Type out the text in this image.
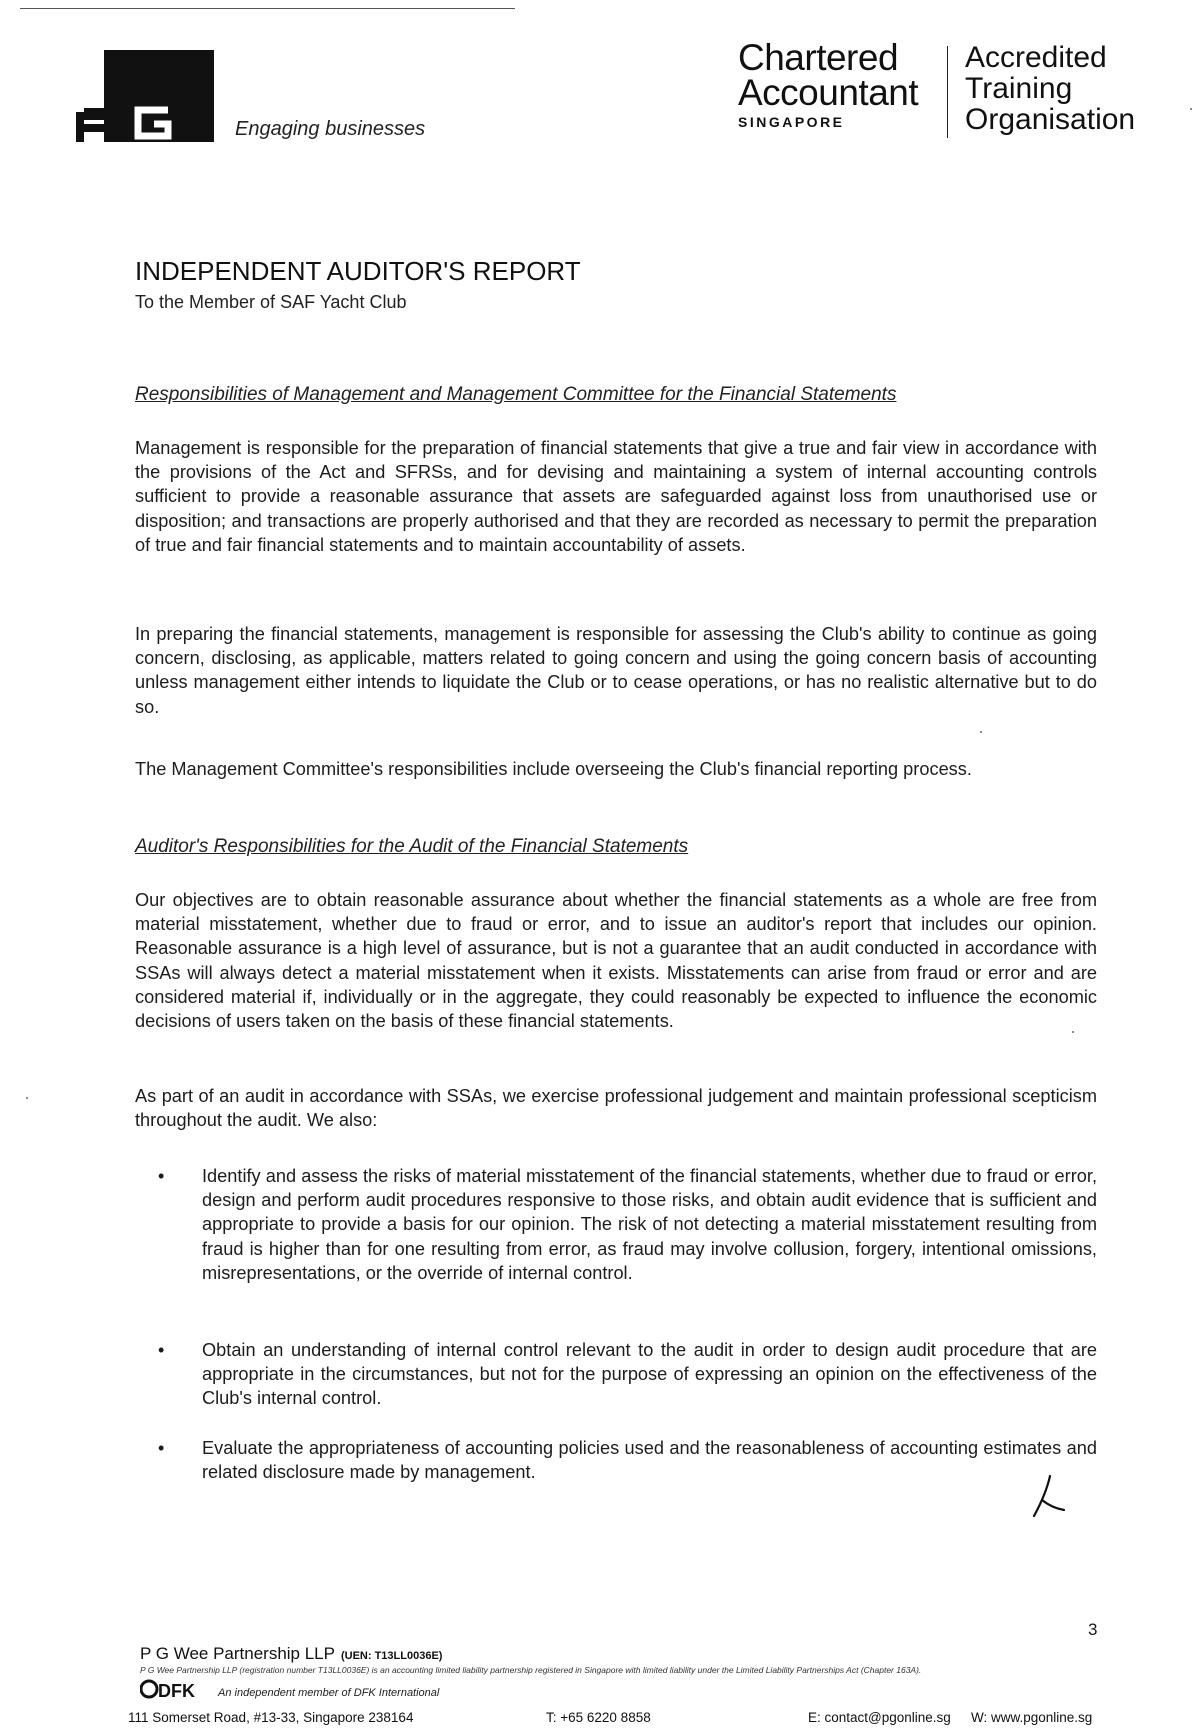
PG
Engaging businesses
Chartered
Accountant
SINGAPORE
Accredited
Training
Organisation
INDEPENDENT AUDITOR'S REPORT
To the Member of SAF Yacht Club
Responsibilities of Management and Management Committee for the Financial Statements
Management is responsible for the preparation of financial statements that give a true and fair view in accordance with the provisions of the Act and SFRSs, and for devising and maintaining a system of internal accounting controls sufficient to provide a reasonable assurance that assets are safeguarded against loss from unauthorised use or disposition; and transactions are properly authorised and that they are recorded as necessary to permit the preparation of true and fair financial statements and to maintain accountability of assets.
In preparing the financial statements, management is responsible for assessing the Club's ability to continue as going concern, disclosing, as applicable, matters related to going concern and using the going concern basis of accounting unless management either intends to liquidate the Club or to cease operations, or has no realistic alternative but to do so.
The Management Committee's responsibilities include overseeing the Club's financial reporting process.
Auditor's Responsibilities for the Audit of the Financial Statements
Our objectives are to obtain reasonable assurance about whether the financial statements as a whole are free from material misstatement, whether due to fraud or error, and to issue an auditor's report that includes our opinion. Reasonable assurance is a high level of assurance, but is not a guarantee that an audit conducted in accordance with SSAs will always detect a material misstatement when it exists. Misstatements can arise from fraud or error and are considered material if, individually or in the aggregate, they could reasonably be expected to influence the economic decisions of users taken on the basis of these financial statements.
As part of an audit in accordance with SSAs, we exercise professional judgement and maintain professional scepticism throughout the audit. We also:
• Identify and assess the risks of material misstatement of the financial statements, whether due to fraud or error, design and perform audit procedures responsive to those risks, and obtain audit evidence that is sufficient and appropriate to provide a basis for our opinion. The risk of not detecting a material misstatement resulting from fraud is higher than for one resulting from error, as fraud may involve collusion, forgery, intentional omissions, misrepresentations, or the override of internal control.
• Obtain an understanding of internal control relevant to the audit in order to design audit procedure that are appropriate in the circumstances, but not for the purpose of expressing an opinion on the effectiveness of the Club's internal control.
• Evaluate the appropriateness of accounting policies used and the reasonableness of accounting estimates and related disclosure made by management.
3
P G Wee Partnership LLP (UEN: T13LL0036E)
P G Wee Partnership LLP (registration number T13LL0036E) is an accounting limited liability partnership registered in Singapore with limited liability under the Limited Liability Partnerships Act (Chapter 163A).
DFK An independent member of DFK International
111 Somerset Road, #13-33, Singapore 238164	T: +65 6220 8858	E: contact@pgonline.sg W: www.pgonline.sg
